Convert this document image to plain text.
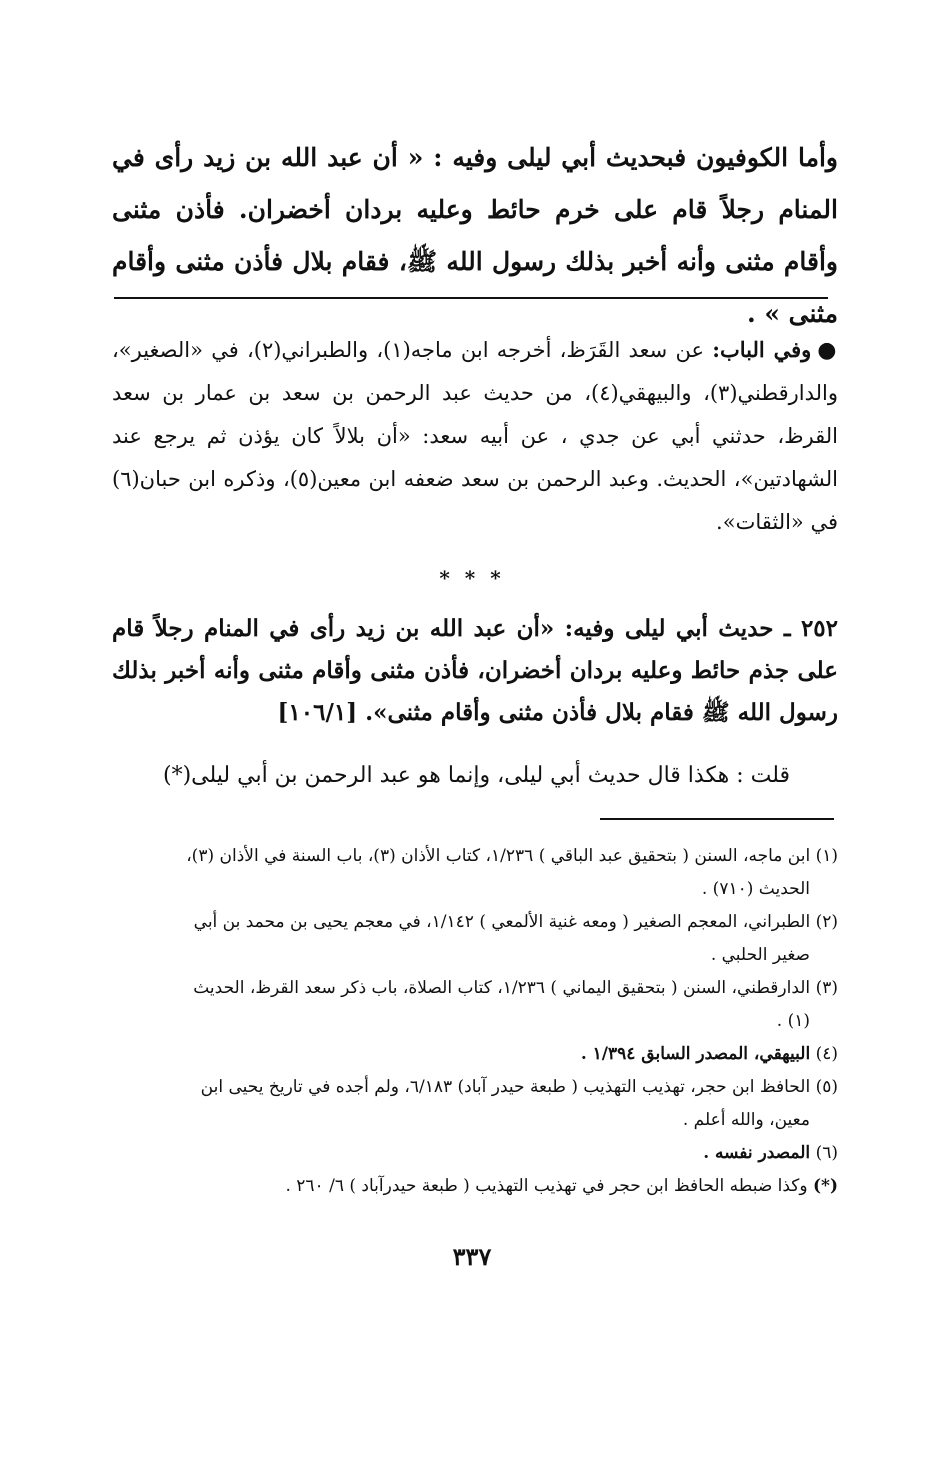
وأما الكوفيون فبحديث أبي ليلى وفيه : « أن عبد الله بن زيد رأى في المنام رجلاً قام على خرم حائط وعليه بردان أخضران. فأذن مثنى وأقام مثنى وأنه أخبر بذلك رسول الله ﷺ، فقام بلال فأذن مثنى وأقام مثنى » .
●وفي الباب: عن سعد القَرَظ، أخرجه ابن ماجه(١)، والطبراني(٢)، في «الصغير»، والدارقطني(٣)، والبيهقي(٤)، من حديث عبد الرحمن بن سعد بن عمار بن سعد القرظ، حدثني أبي عن جدي ، عن أبيه سعد: «أن بلالاً كان يؤذن ثم يرجع عند الشهادتين»، الحديث. وعبد الرحمن بن سعد ضعفه ابن معين(٥)، وذكره ابن حبان(٦) في «الثقات».
* * *
٢٥٢ ـ حديث أبي ليلى وفيه: «أن عبد الله بن زيد رأى في المنام رجلاً قام على جذم حائط وعليه بردان أخضران، فأذن مثنى وأقام مثنى وأنه أخبر بذلك رسول الله ﷺ فقام بلال فأذن مثنى وأقام مثنى». [١٠٦/١]
قلت : هكذا قال حديث أبي ليلى، وإنما هو عبد الرحمن بن أبي ليلى(*)

(١) ابن ماجه، السنن ( بتحقيق عبد الباقي ) ١/٢٣٦، كتاب الأذان (٣)، باب السنة في الأذان (٣)،
الحديث (٧١٠) .

(٢) الطبراني، المعجم الصغير ( ومعه غنية الألمعي ) ١/١٤٢، في معجم يحيى بن محمد بن أبي
صغير الحلبي .

(٣) الدارقطني، السنن ( بتحقيق اليماني ) ١/٢٣٦، كتاب الصلاة، باب ذكر سعد القرظ، الحديث
(١) .

(٤) البيهقي، المصدر السابق ١/٣٩٤ .

(٥) الحافظ ابن حجر، تهذيب التهذيب ( طبعة حيدر آباد) ٦/١٨٣، ولم أجده في تاريخ يحيى ابن
معين، والله أعلم .

(٦) المصدر نفسه .

(*) وكذا ضبطه الحافظ ابن حجر في تهذيب التهذيب ( طبعة حيدرآباد ) ٦/ ٢٦٠ .

٣٣٧
